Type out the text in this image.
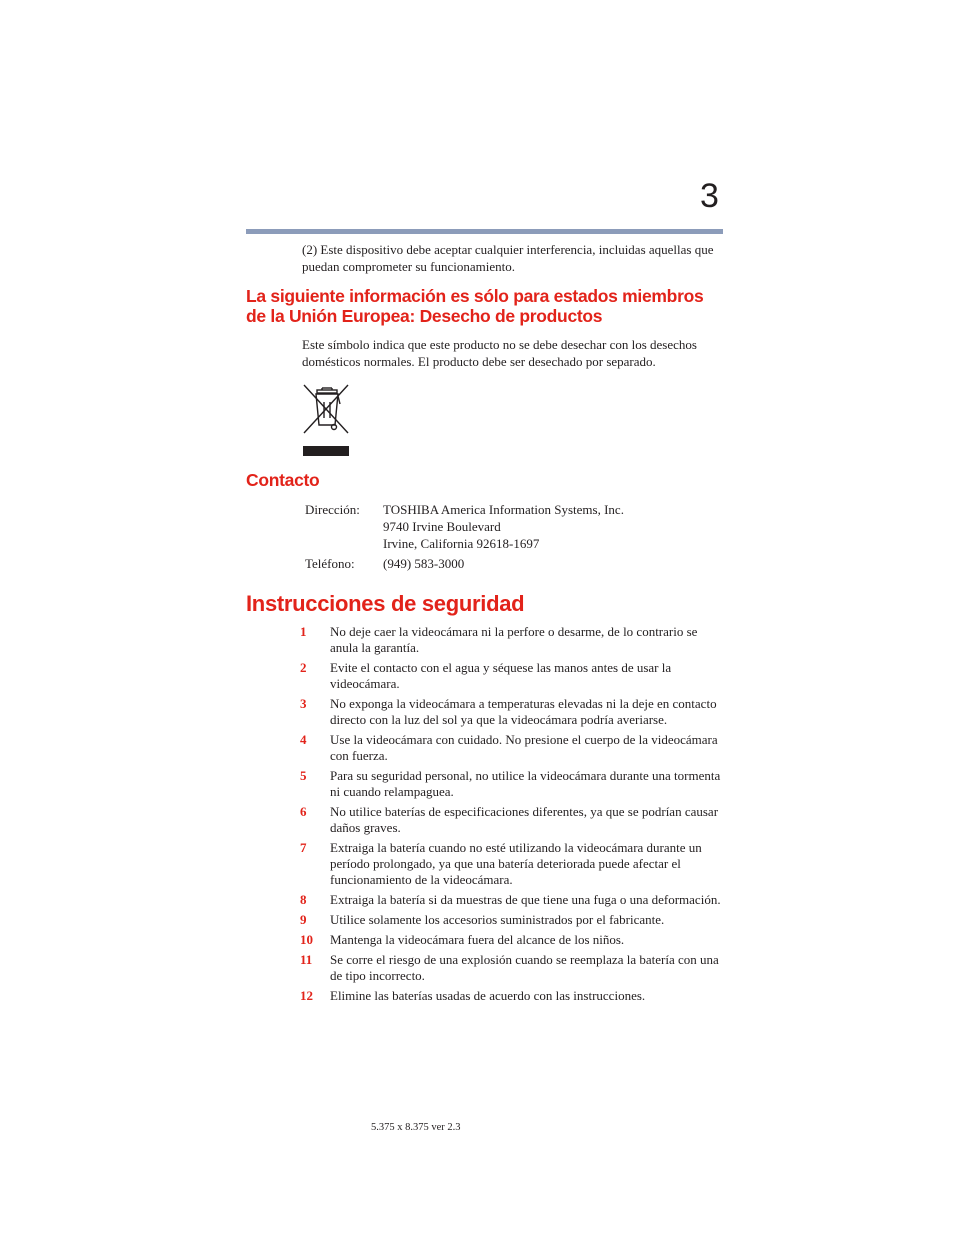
3
(2) Este dispositivo debe aceptar cualquier interferencia, incluidas aquellas que puedan comprometer su funcionamiento.
La siguiente información es sólo para estados miembros de la Unión Europea: Desecho de productos
Este símbolo indica que este producto no se debe desechar con los desechos domésticos normales. El producto debe ser desechado por separado.
Contacto
Dirección:	TOSHIBA America Information Systems, Inc.
9740 Irvine Boulevard
Irvine, California 92618-1697
Teléfono:	(949) 583-3000
Instrucciones de seguridad
1	No deje caer la videocámara ni la perfore o desarme, de lo contrario se anula la garantía.
2	Evite el contacto con el agua y séquese las manos antes de usar la videocámara.
3	No exponga la videocámara a temperaturas elevadas ni la deje en contacto directo con la luz del sol ya que la videocámara podría averiarse.
4	Use la videocámara con cuidado. No presione el cuerpo de la videocámara con fuerza.
5	Para su seguridad personal, no utilice la videocámara durante una tormenta ni cuando relampaguea.
6	No utilice baterías de especificaciones diferentes, ya que se podrían causar daños graves.
7	Extraiga la batería cuando no esté utilizando la videocámara durante un período prolongado, ya que una batería deteriorada puede afectar el funcionamiento de la videocámara.
8	Extraiga la batería si da muestras de que tiene una fuga o una deformación.
9	Utilice solamente los accesorios suministrados por el fabricante.
10	Mantenga la videocámara fuera del alcance de los niños.
11	Se corre el riesgo de una explosión cuando se reemplaza la batería con una de tipo incorrecto.
12	Elimine las baterías usadas de acuerdo con las instrucciones.
5.375 x 8.375 ver 2.3
